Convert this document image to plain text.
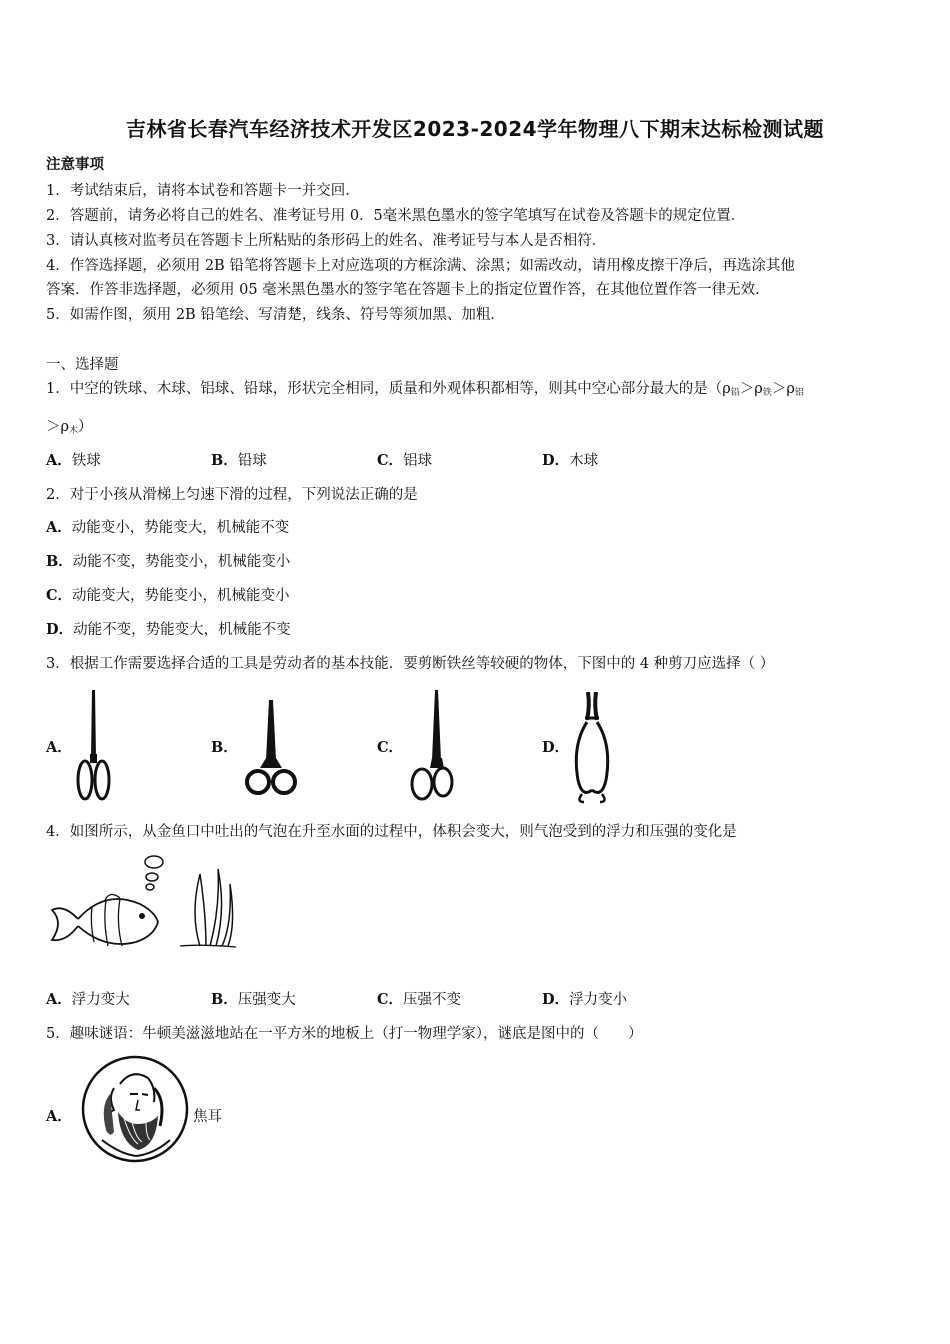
吉林省长春汽车经济技术开发区2023-2024学年物理八下期末达标检测试题
注意事项
1．考试结束后，请将本试卷和答题卡一并交回．
2．答题前，请务必将自己的姓名、准考证号用 0．5毫米黑色墨水的签字笔填写在试卷及答题卡的规定位置．
3．请认真核对监考员在答题卡上所粘贴的条形码上的姓名、准考证号与本人是否相符．
4．作答选择题，必须用 2B 铅笔将答题卡上对应选项的方框涂满、涂黑；如需改动，请用橡皮擦干净后，再选涂其他
答案．作答非选择题，必须用 05 毫米黑色墨水的签字笔在答题卡上的指定位置作答，在其他位置作答一律无效．
5．如需作图，须用 2B 铅笔绘、写清楚，线条、符号等须加黑、加粗．
一、选择题
1．中空的铁球、木球、铝球、铅球，形状完全相同，质量和外观体积都相等，则其中空心部分最大的是（$\rho_铅>\rho_铁>\rho_铝$
$>\rho_木$）
A．铁球	B．铅球	C．铝球	D．木球
2．对于小孩从滑梯上匀速下滑的过程，下列说法正确的是
A．动能变小，势能变大，机械能不变
B．动能不变，势能变小，机械能变小
C．动能变大，势能变小，机械能变小
D．动能不变，势能变大，机械能不变
3．根据工作需要选择合适的工具是劳动者的基本技能．要剪断铁丝等较硬的物体，下图中的 4 种剪刀应选择（ ）
A．	B．	C．	D．
4．如图所示，从金鱼口中吐出的气泡在升至水面的过程中，体积会变大，则气泡受到的浮力和压强的变化是
A．浮力变大	B．压强变大	C．压强不变	D．浮力变小
5．趣味谜语：牛顿美滋滋地站在一平方米的地板上（打一物理学家），谜底是图中的（　　）
A．	焦耳
